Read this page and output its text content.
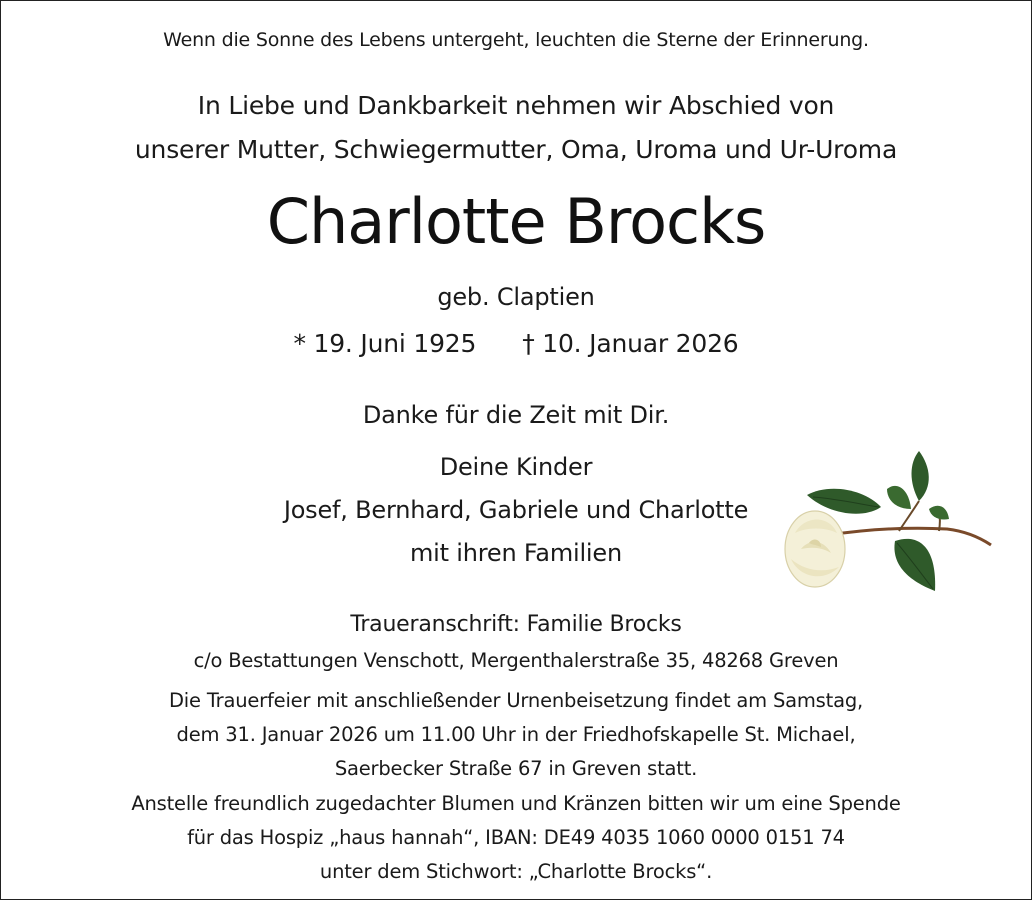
Wenn die Sonne des Lebens untergeht, leuchten die Sterne der Erinnerung.
In Liebe und Dankbarkeit nehmen wir Abschied von
unserer Mutter, Schwiegermutter, Oma, Uroma und Ur-Uroma
Charlotte Brocks
geb. Claptien
* 19. Juni 1925 † 10. Januar 2026
Danke für die Zeit mit Dir.
Deine Kinder
Josef, Bernhard, Gabriele und Charlotte
mit ihren Familien
Traueranschrift: Familie Brocks
c/o Bestattungen Venschott, Mergenthalerstraße 35, 48268 Greven
Die Trauerfeier mit anschließender Urnenbeisetzung findet am Samstag,
dem 31. Januar 2026 um 11.00 Uhr in der Friedhofskapelle St. Michael,
Saerbecker Straße 67 in Greven statt.
Anstelle freundlich zugedachter Blumen und Kränzen bitten wir um eine Spende
für das Hospiz „haus hannah“, IBAN: DE49 4035 1060 0000 0151 74
unter dem Stichwort: „Charlotte Brocks“.
